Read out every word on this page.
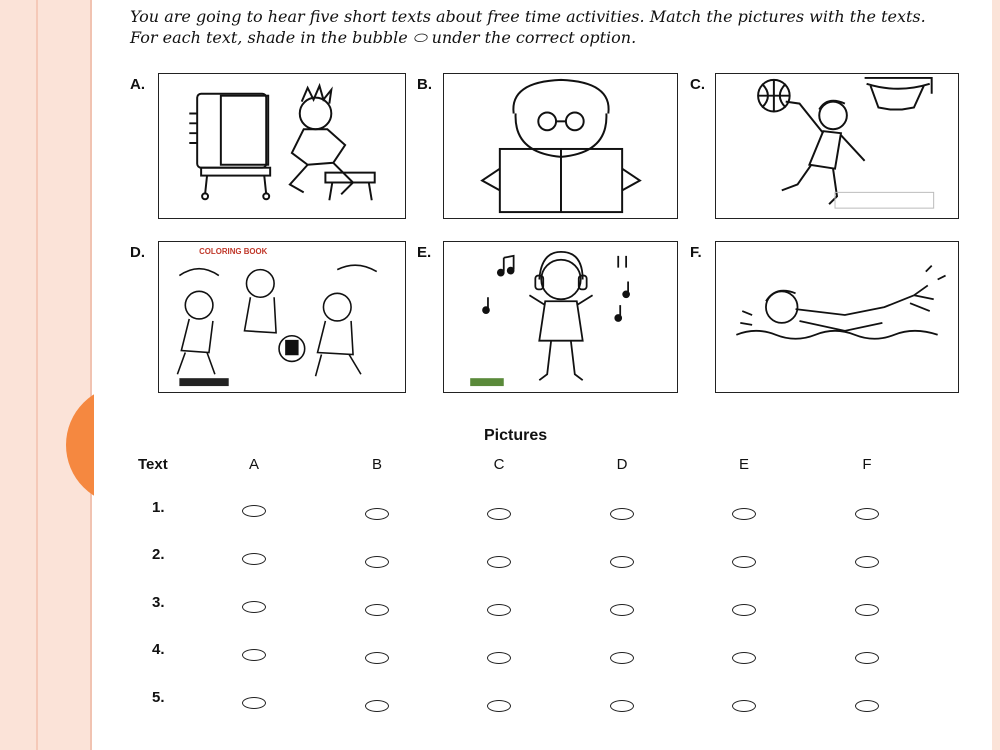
You are going to hear five short texts about free time activities. Match the pictures with the texts. For each text, shade in the bubble ⬭ under the correct option.
A.	B.	C.
D.	COLORING BOOK	E.	F.
Pictures
Text	A	B	C	D	E	F
1.
2.
3.
4.
5.
